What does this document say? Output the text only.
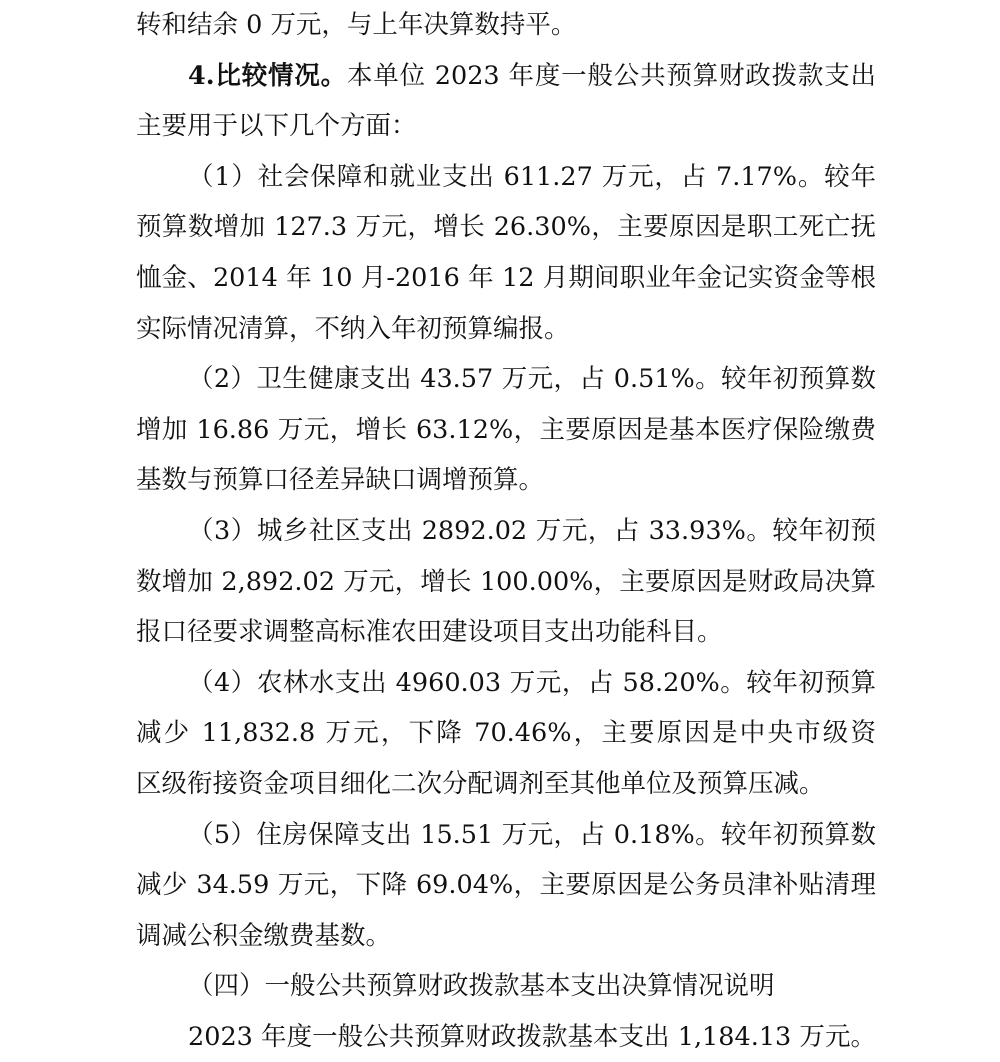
转和结余 0 万元，与上年决算数持平。
4.比较情况。本单位 2023 年度一般公共预算财政拨款支出
主要用于以下几个方面：
（1）社会保障和就业支出 611.27 万元，占 7.17%。较年
预算数增加 127.3 万元，增长 26.30%，主要原因是职工死亡抚
恤金、2014 年 10 月-2016 年 12 月期间职业年金记实资金等根
实际情况清算，不纳入年初预算编报。
（2）卫生健康支出 43.57 万元，占 0.51%。较年初预算数
增加 16.86 万元，增长 63.12%，主要原因是基本医疗保险缴费
基数与预算口径差异缺口调增预算。
（3）城乡社区支出 2892.02 万元，占 33.93%。较年初预
数增加 2,892.02 万元，增长 100.00%，主要原因是财政局决算
报口径要求调整高标准农田建设项目支出功能科目。
（4）农林水支出 4960.03 万元，占 58.20%。较年初预算
减少 11,832.8 万元，下降 70.46%，主要原因是中央市级资
区级衔接资金项目细化二次分配调剂至其他单位及预算压减。
（5）住房保障支出 15.51 万元，占 0.18%。较年初预算数
减少 34.59 万元，下降 69.04%，主要原因是公务员津补贴清理
调减公积金缴费基数。
（四）一般公共预算财政拨款基本支出决算情况说明
2023 年度一般公共预算财政拨款基本支出 1,184.13 万元。
